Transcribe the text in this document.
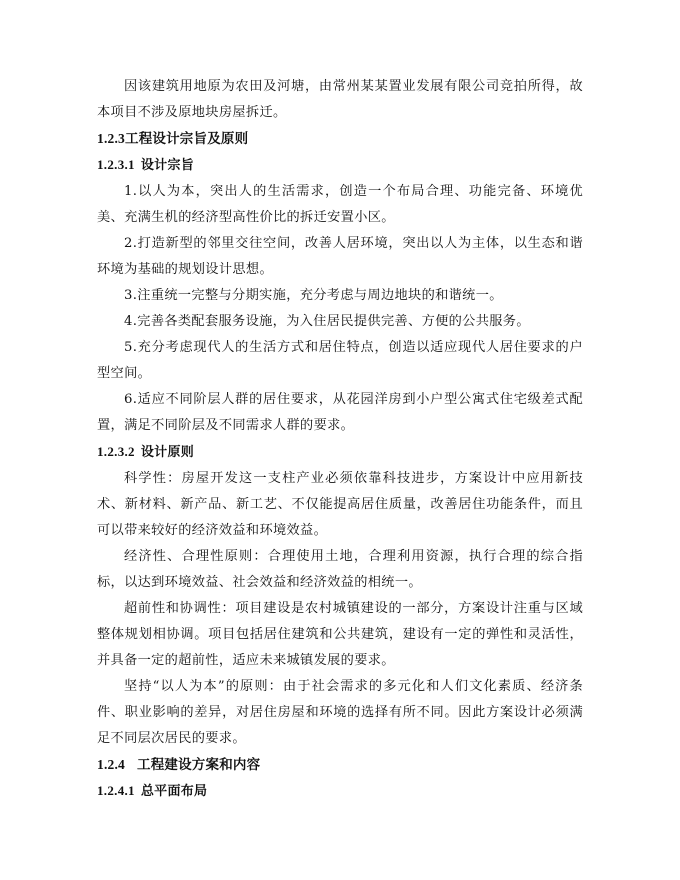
因该建筑用地原为农田及河塘，由常州某某置业发展有限公司竞拍所得，故本项目不涉及原地块房屋拆迁。

1.2.3工程设计宗旨及原则

1.2.3.1 设计宗旨

1.以人为本，突出人的生活需求，创造一个布局合理、功能完备、环境优美、充满生机的经济型高性价比的拆迁安置小区。

2.打造新型的邻里交往空间，改善人居环境，突出以人为主体，以生态和谐环境为基础的规划设计思想。

3.注重统一完整与分期实施，充分考虑与周边地块的和谐统一。

4.完善各类配套服务设施，为入住居民提供完善、方便的公共服务。

5.充分考虑现代人的生活方式和居住特点，创造以适应现代人居住要求的户型空间。

6.适应不同阶层人群的居住要求，从花园洋房到小户型公寓式住宅级差式配置，满足不同阶层及不同需求人群的要求。

1.2.3.2 设计原则

科学性：房屋开发这一支柱产业必须依靠科技进步，方案设计中应用新技术、新材料、新产品、新工艺、不仅能提高居住质量，改善居住功能条件，而且可以带来较好的经济效益和环境效益。

经济性、合理性原则：合理使用土地，合理利用资源，执行合理的综合指标，以达到环境效益、社会效益和经济效益的相统一。

超前性和协调性：项目建设是农村城镇建设的一部分，方案设计注重与区域整体规划相协调。项目包括居住建筑和公共建筑，建设有一定的弹性和灵活性，并具备一定的超前性，适应未来城镇发展的要求。

坚持“以人为本”的原则：由于社会需求的多元化和人们文化素质、经济条件、职业影响的差异，对居住房屋和环境的选择有所不同。因此方案设计必须满足不同层次居民的要求。

1.2.4 工程建设方案和内容

1.2.4.1 总平面布局
